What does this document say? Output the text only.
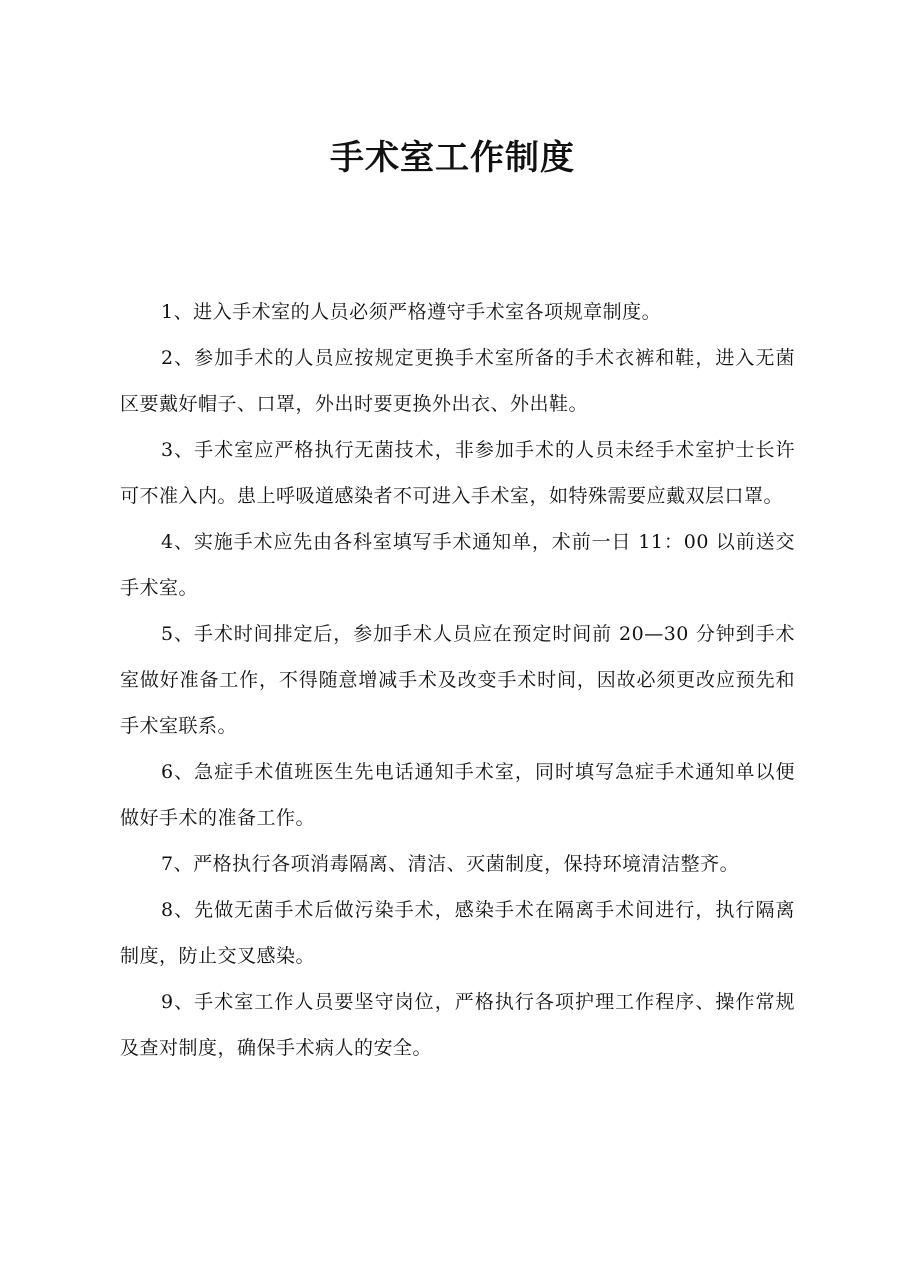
手术室工作制度

1、进入手术室的人员必须严格遵守手术室各项规章制度。

2、参加手术的人员应按规定更换手术室所备的手术衣裤和鞋，进入无菌区要戴好帽子、口罩，外出时要更换外出衣、外出鞋。

3、手术室应严格执行无菌技术，非参加手术的人员未经手术室护士长许可不准入内。患上呼吸道感染者不可进入手术室，如特殊需要应戴双层口罩。

4、实施手术应先由各科室填写手术通知单，术前一日 11：00 以前送交手术室。

5、手术时间排定后，参加手术人员应在预定时间前 20—30 分钟到手术室做好准备工作，不得随意增减手术及改变手术时间，因故必须更改应预先和手术室联系。

6、急症手术值班医生先电话通知手术室，同时填写急症手术通知单以便做好手术的准备工作。

7、严格执行各项消毒隔离、清洁、灭菌制度，保持环境清洁整齐。

8、先做无菌手术后做污染手术，感染手术在隔离手术间进行，执行隔离制度，防止交叉感染。

9、手术室工作人员要坚守岗位，严格执行各项护理工作程序、操作常规及查对制度，确保手术病人的安全。
